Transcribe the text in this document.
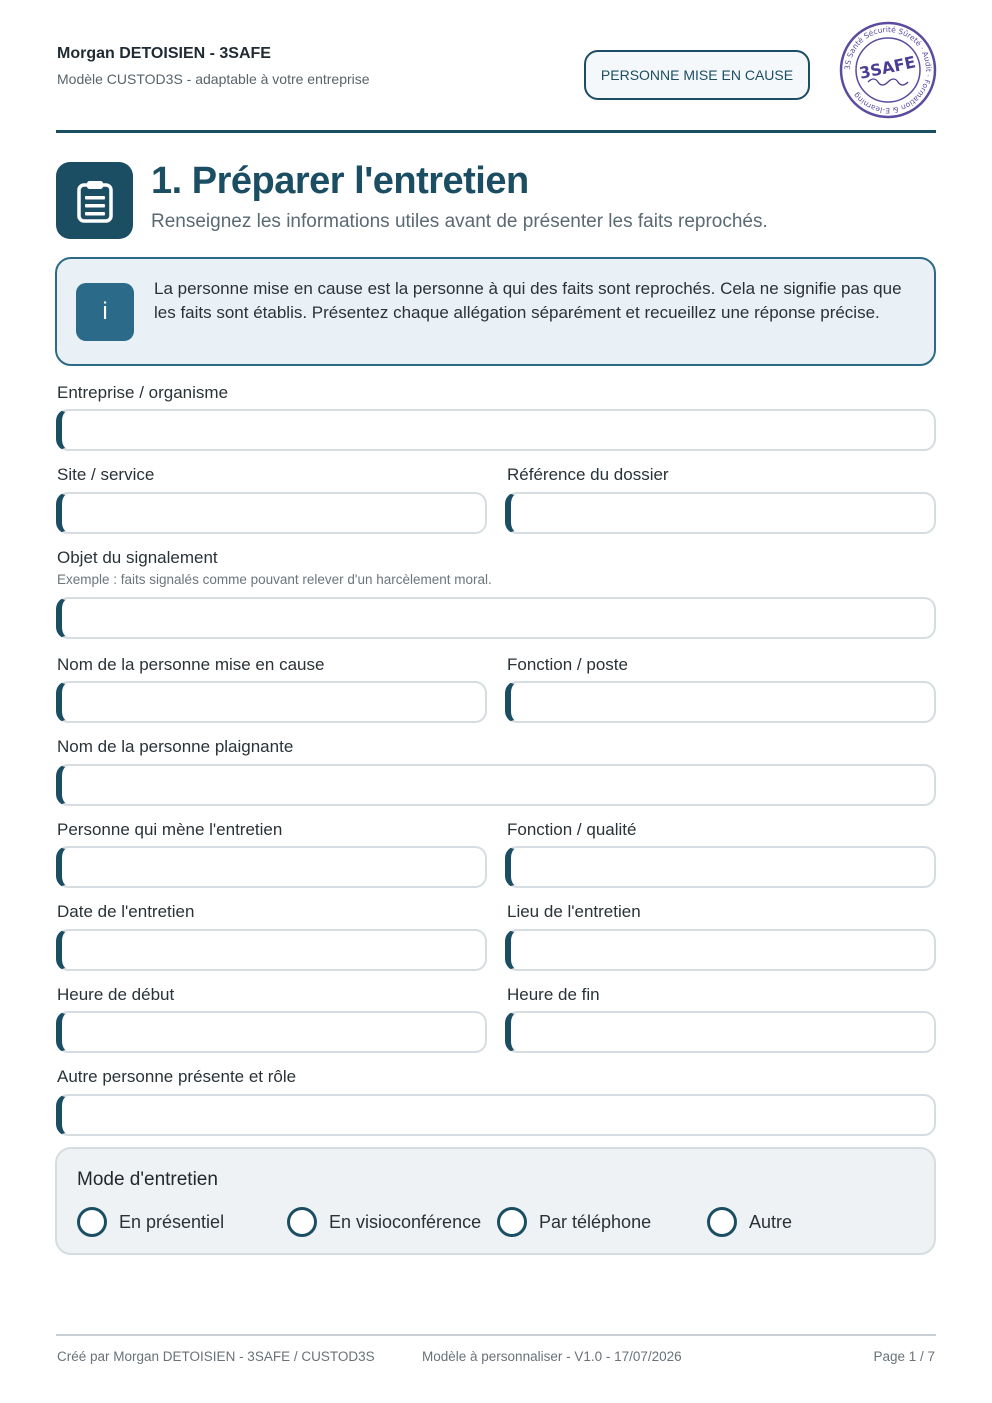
Morgan DETOISIEN - 3SAFE
Modèle CUSTOD3S - adaptable à votre entreprise	PERSONNE MISE EN CAUSE	3S Santé Sécurité Sûreté · Audit · Formation & E-learning
3SAFE
1. Préparer l'entretien
Renseignez les informations utiles avant de présenter les faits reprochés.
i
La personne mise en cause est la personne à qui des faits sont reprochés. Cela ne signifie pas que les faits sont établis. Présentez chaque allégation séparément et recueillez une réponse précise.
Entreprise / organisme
Site / service	Référence du dossier
Objet du signalement
Exemple : faits signalés comme pouvant relever d'un harcèlement moral.
Nom de la personne mise en cause	Fonction / poste
Nom de la personne plaignante
Personne qui mène l'entretien	Fonction / qualité
Date de l'entretien	Lieu de l'entretien
Heure de début	Heure de fin
Autre personne présente et rôle
Mode d'entretien
En présentiel	En visioconférence	Par téléphone	Autre
Créé par Morgan DETOISIEN - 3SAFE / CUSTOD3S	Modèle à personnaliser - V1.0 - 17/07/2026	Page 1 / 7
